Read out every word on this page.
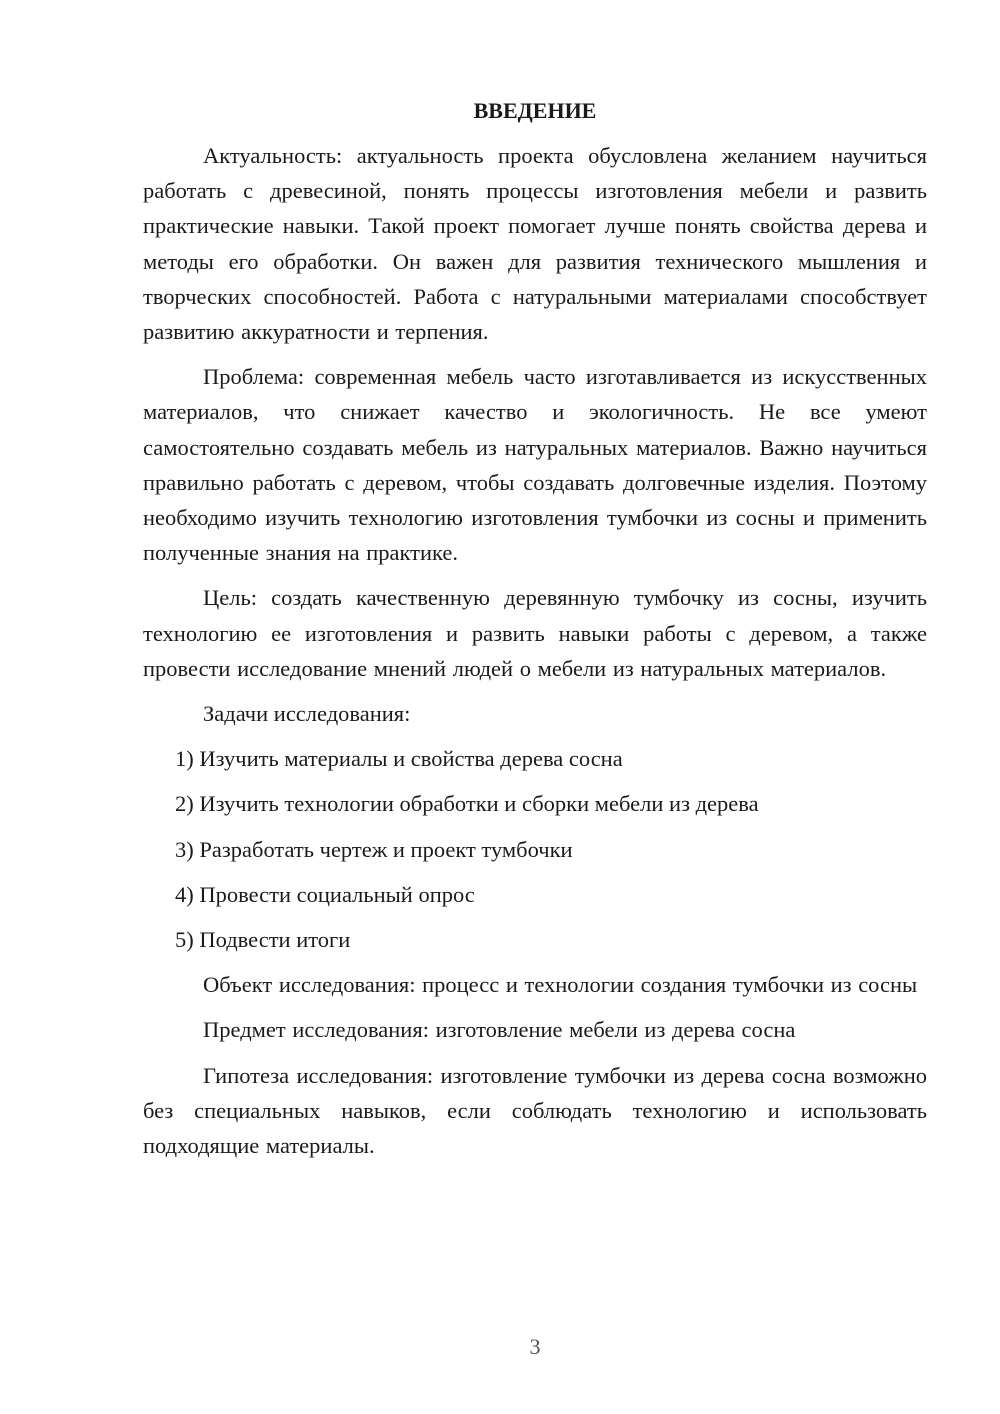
ВВЕДЕНИЕ

Актуальность: актуальность проекта обусловлена желанием научиться работать с древесиной, понять процессы изготовления мебели и развить практические навыки. Такой проект помогает лучше понять свойства дерева и методы его обработки. Он важен для развития технического мышления и творческих способностей. Работа с натуральными материалами способствует развитию аккуратности и терпения.

Проблема: современная мебель часто изготавливается из искусственных материалов, что снижает качество и экологичность. Не все умеют самостоятельно создавать мебель из натуральных материалов. Важно научиться правильно работать с деревом, чтобы создавать долговечные изделия. Поэтому необходимо изучить технологию изготовления тумбочки из сосны и применить полученные знания на практике.

Цель: создать качественную деревянную тумбочку из сосны, изучить технологию ее изготовления и развить навыки работы с деревом, а также провести исследование мнений людей о мебели из натуральных материалов.

Задачи исследования:

1) Изучить материалы и свойства дерева сосна
2) Изучить технологии обработки и сборки мебели из дерева
3) Разработать чертеж и проект тумбочки
4) Провести социальный опрос
5) Подвести итоги

Объект исследования: процесс и технологии создания тумбочки из сосны

Предмет исследования: изготовление мебели из дерева сосна

Гипотеза исследования: изготовление тумбочки из дерева сосна возможно без специальных навыков, если соблюдать технологию и использовать подходящие материалы.

3
